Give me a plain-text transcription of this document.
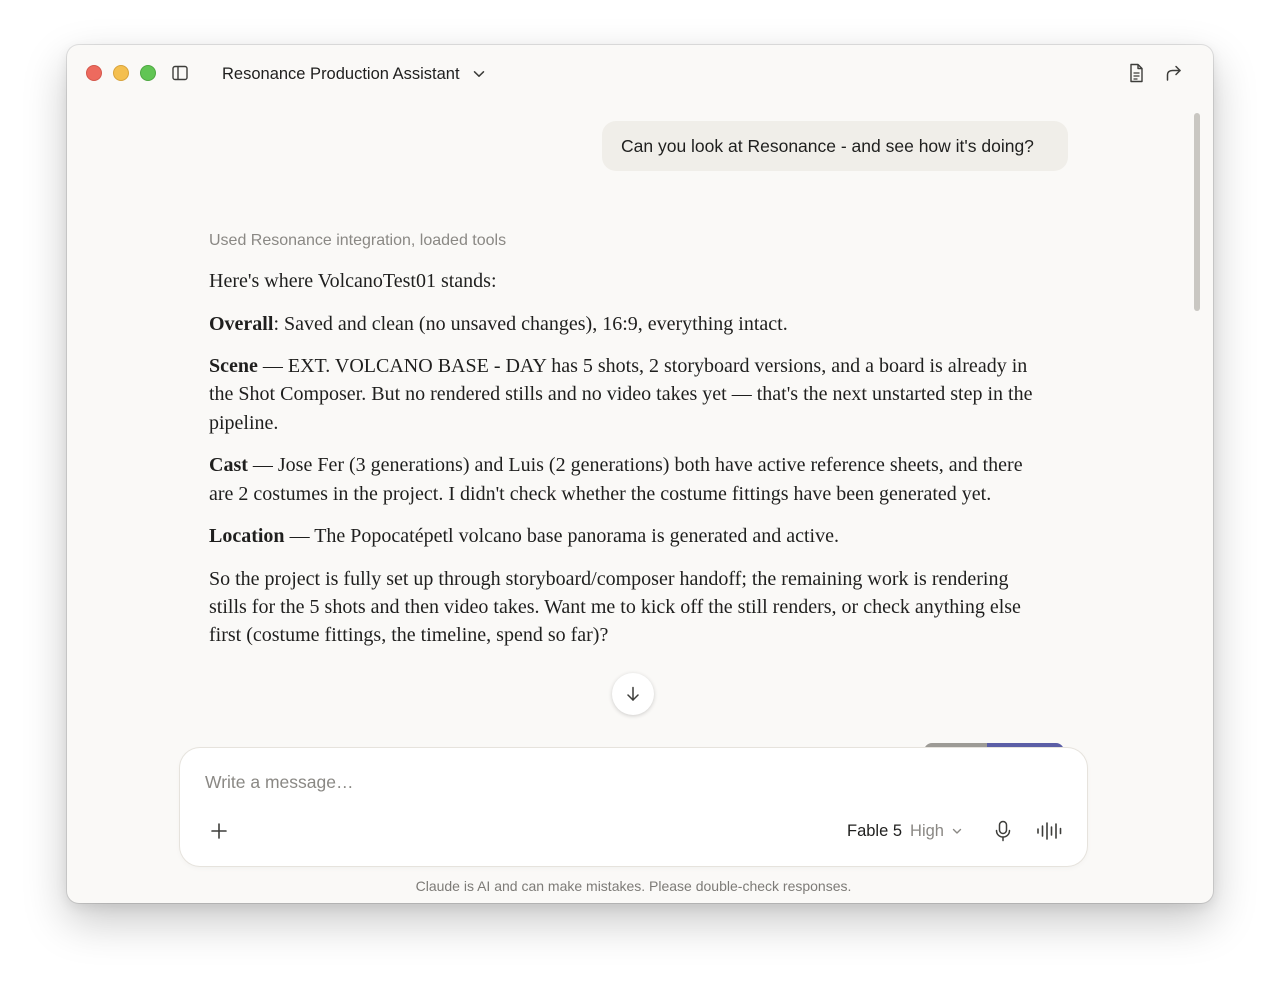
Resonance Production Assistant
Can you look at Resonance - and see how it's doing?
Used Resonance integration, loaded tools

Here's where VolcanoTest01 stands:

Overall: Saved and clean (no unsaved changes), 16:9, everything intact.

Scene — EXT. VOLCANO BASE - DAY has 5 shots, 2 storyboard versions, and a board is already in the Shot Composer. But no rendered stills and no video takes yet — that's the next unstarted step in the pipeline.

Cast — Jose Fer (3 generations) and Luis (2 generations) both have active reference sheets, and there are 2 costumes in the project. I didn't check whether the costume fittings have been generated yet.

Location — The Popocatépetl volcano base panorama is generated and active.

So the project is fully set up through storyboard/composer handoff; the remaining work is rendering stills for the 5 shots and then video takes. Want me to kick off the still renders, or check anything else first (costume fittings, the timeline, spend so far)?

Write a message…
Fable 5 High
Claude is AI and can make mistakes. Please double-check responses.
